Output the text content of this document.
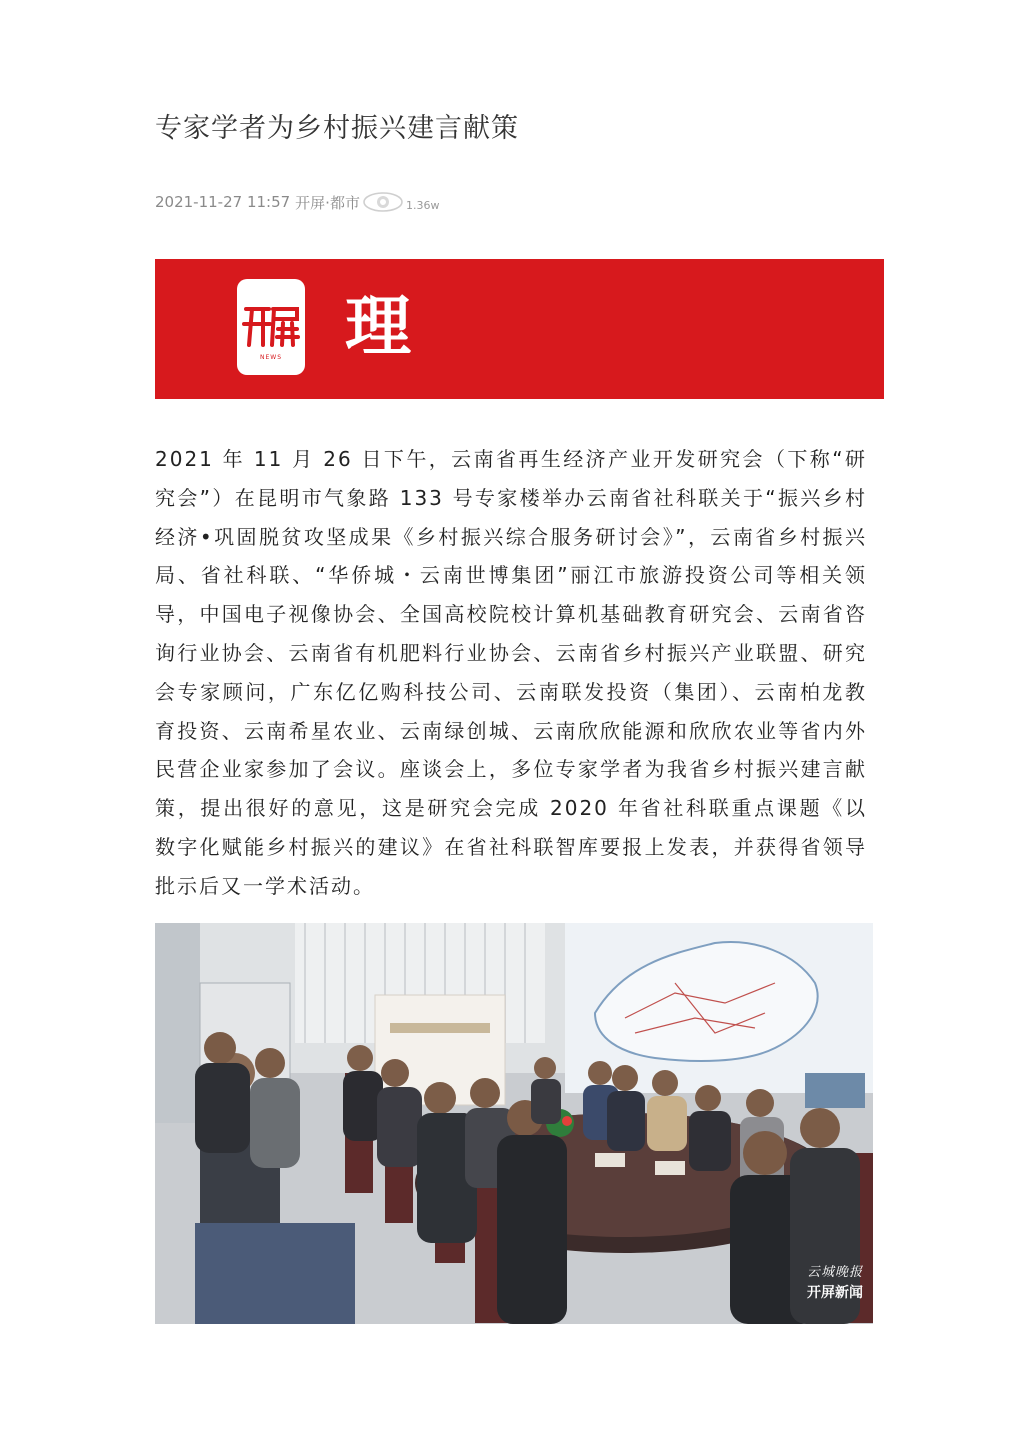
专家学者为乡村振兴建言献策
2021-11-27 11:57 开屏·都市	1.36w
NEWS 理

2021 年 11 月 26 日下午，云南省再生经济产业开发研究会（下称“研究会”）在昆明市气象路 133 号专家楼举办云南省社科联关于“振兴乡村经济•巩固脱贫攻坚成果《乡村振兴综合服务研讨会》”，云南省乡村振兴局、省社科联、“华侨城・云南世博集团”丽江市旅游投资公司等相关领导，中国电子视像协会、全国高校院校计算机基础教育研究会、云南省咨询行业协会、云南省有机肥料行业协会、云南省乡村振兴产业联盟、研究会专家顾问，广东亿亿购科技公司、云南联发投资（集团）、云南柏龙教育投资、云南希星农业、云南绿创城、云南欣欣能源和欣欣农业等省内外民营企业家参加了会议。座谈会上，多位专家学者为我省乡村振兴建言献策，提出很好的意见，这是研究会完成 2020 年省社科联重点课题《以数字化赋能乡村振兴的建议》在省社科联智库要报上发表，并获得省领导批示后又一学术活动。

云城晚报
开屏新闻
